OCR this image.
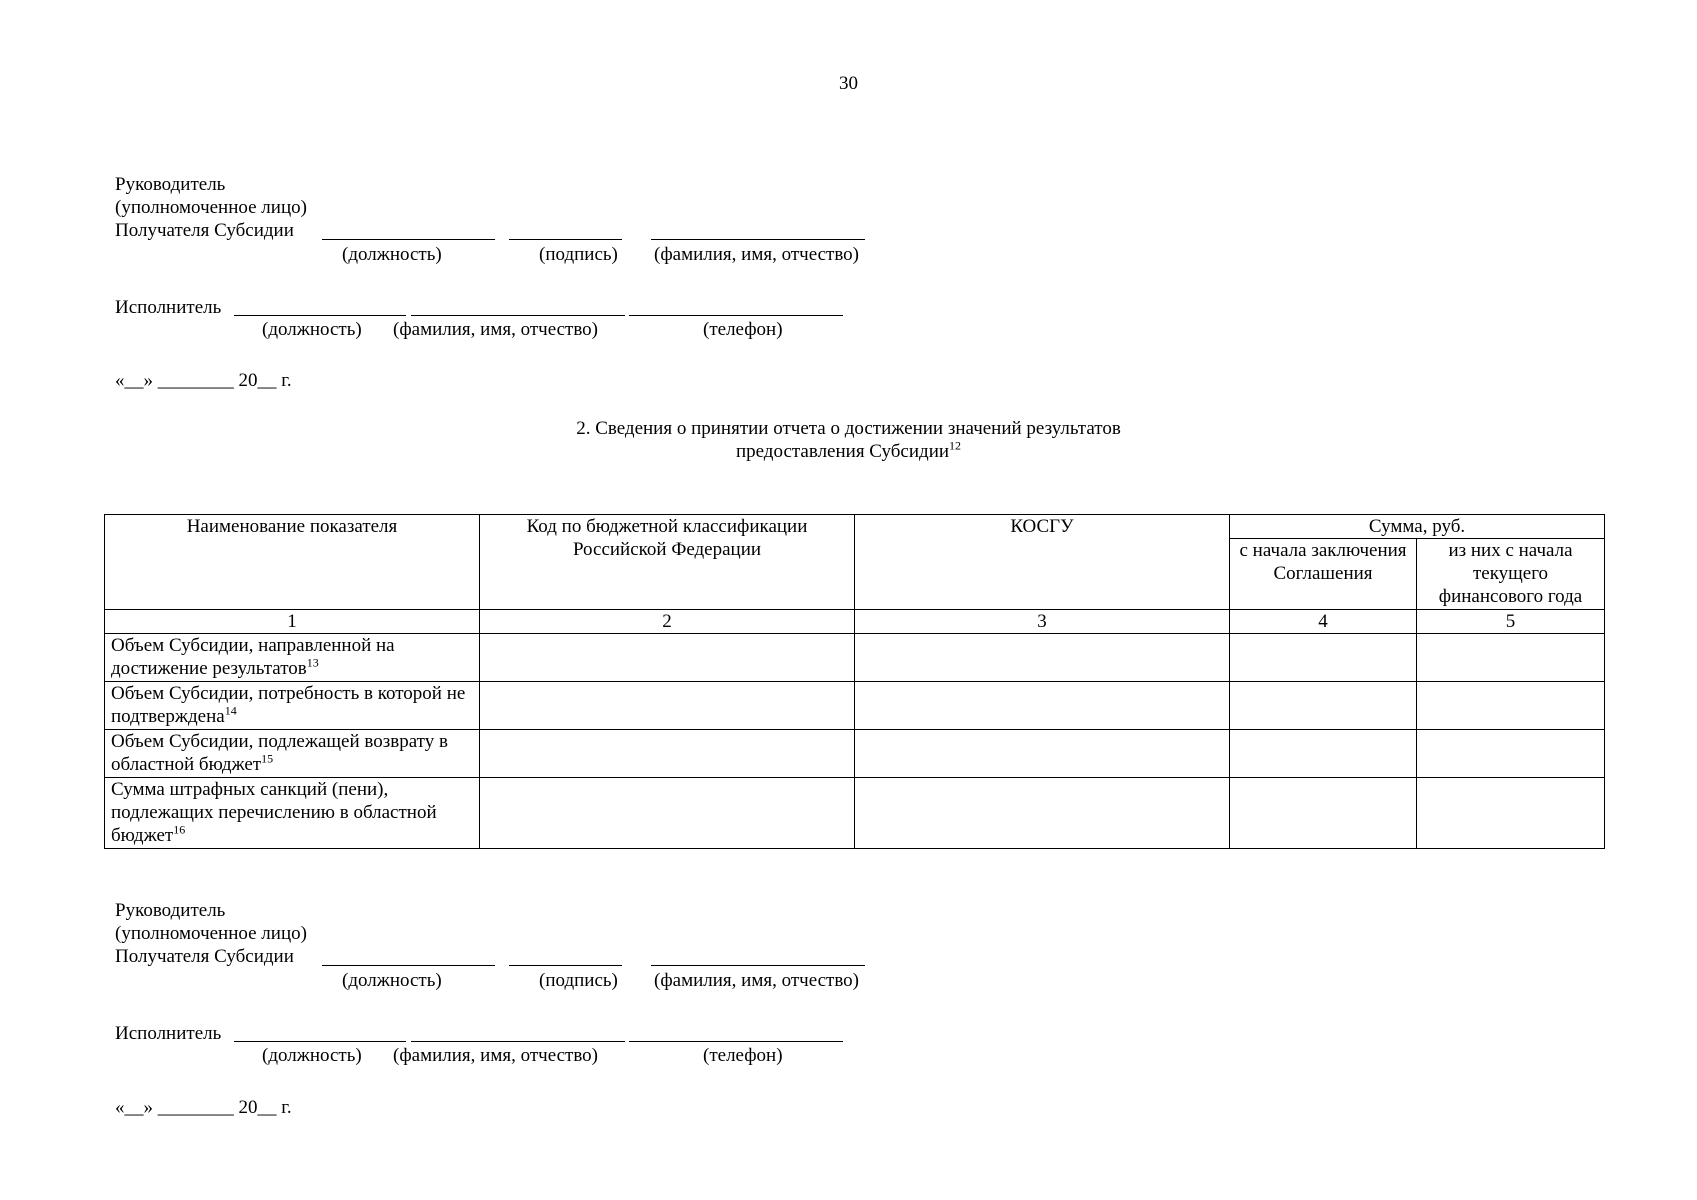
30
Руководитель
(уполномоченное лицо)
Получателя Субсидии
(должность)	(подпись) (фамилия, имя, отчество)
Исполнитель
(должность) (фамилия, имя, отчество)	(телефон)
«__» ________ 20__ г.
2. Сведения о принятии отчета о достижении значений результатов
предоставления Субсидии$^{12}$
Наименование показателя	Код по бюджетной классификации Российской Федерации	КОСГУ	Сумма, руб.	
			с начала заключения Соглашения	из них с начала текущего финансового года
1	2	3	4	5
Объем Субсидии, направленной на достижение результатов$^{13}$				
Объем Субсидии, потребность в которой не подтверждена$^{14}$				
Объем Субсидии, подлежащей возврату в областной бюджет$^{15}$				
Сумма штрафных санкций (пени), подлежащих перечислению в областной бюджет$^{16}$				
Руководитель
(уполномоченное лицо)
Получателя Субсидии
(должность)	(подпись) (фамилия, имя, отчество)
Исполнитель
(должность) (фамилия, имя, отчество)	(телефон)
«__» ________ 20__ г.
